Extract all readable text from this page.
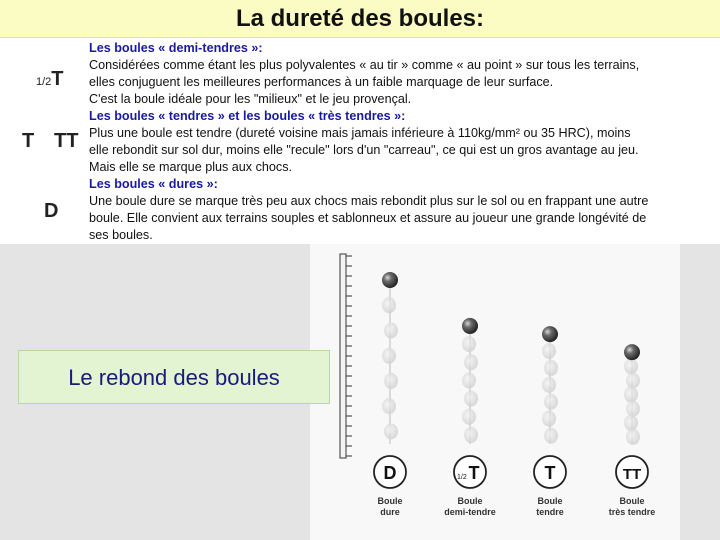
La dureté des boules:
1/2T
T TT
D
Les boules « demi-tendres »:
Considérées comme étant les plus polyvalentes « au tir » comme « au point » sur tous les terrains,
elles conjuguent les meilleures performances à un faible marquage de leur surface.
C'est la boule idéale pour les "milieux" et le jeu provençal.
Les boules « tendres » et les boules « très tendres »:
Plus une boule est tendre (dureté voisine mais jamais inférieure à 110kg/mm² ou 35 HRC), moins
elle rebondit sur sol dur, moins elle "recule" lors d'un "carreau", ce qui est un gros avantage au jeu.
Mais elle se marque plus aux chocs.
Les boules « dures »:
Une boule dure se marque très peu aux chocs mais rebondit plus sur le sol ou en frappant une autre
boule. Elle convient aux terrains souples et sablonneux et assure au joueur une grande longévité de
ses boules.
D
Boule
dure
1/2 T
Boule
demi-tendre
T
Boule
tendre
TT
Boule
très tendre
Le rebond des boules
